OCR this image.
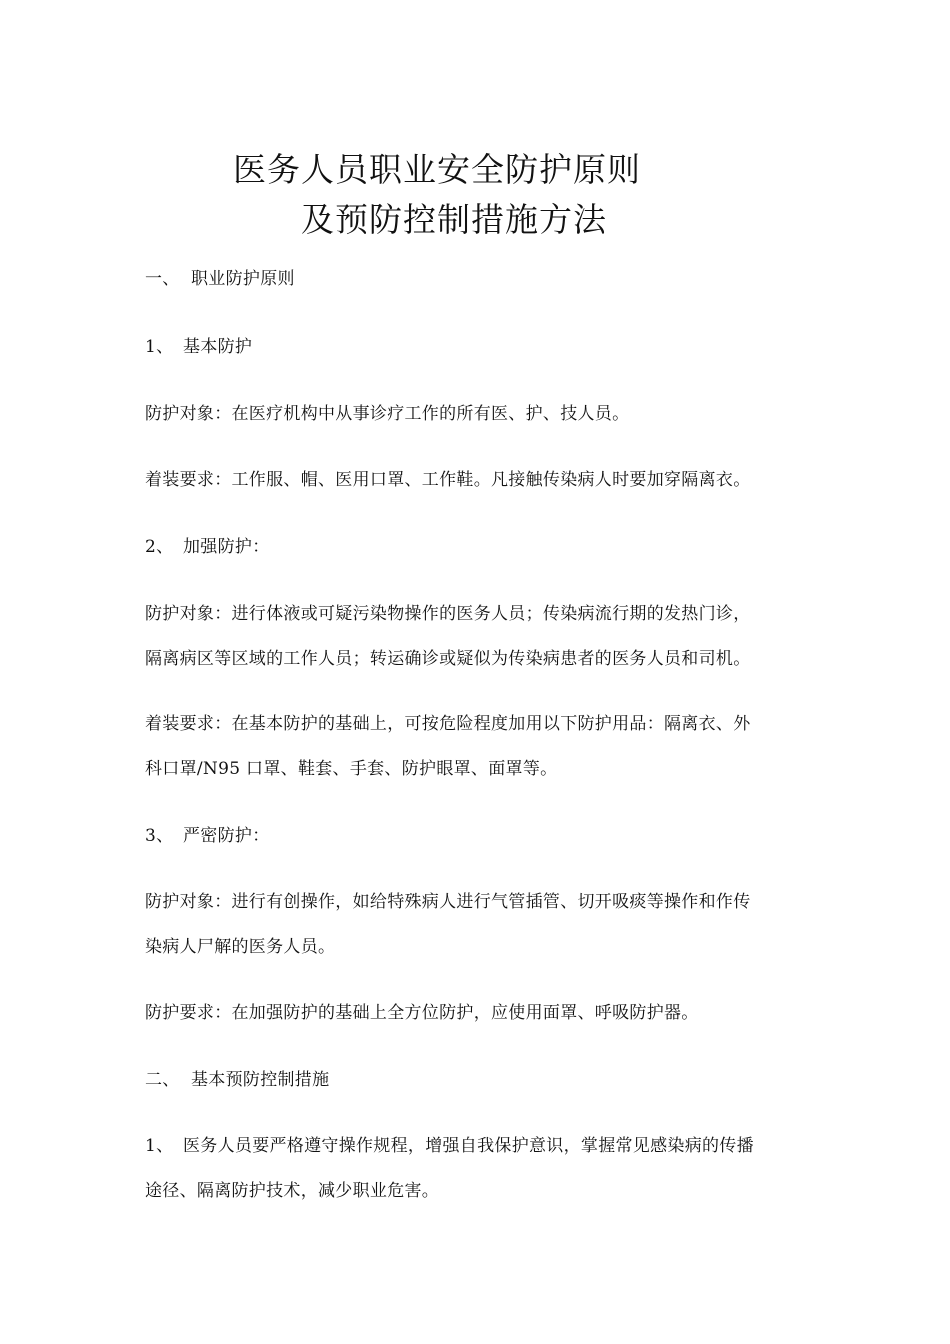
医务人员职业安全防护原则
及预防控制措施方法
一、 职业防护原则
1、 基本防护
防护对象：在医疗机构中从事诊疗工作的所有医、护、技人员。
着装要求：工作服、帽、医用口罩、工作鞋。凡接触传染病人时要加穿隔离衣。
2、 加强防护：
防护对象：进行体液或可疑污染物操作的医务人员；传染病流行期的发热门诊，
隔离病区等区域的工作人员；转运确诊或疑似为传染病患者的医务人员和司机。
着装要求：在基本防护的基础上，可按危险程度加用以下防护用品：隔离衣、外
科口罩/N95 口罩、鞋套、手套、防护眼罩、面罩等。
3、 严密防护：
防护对象：进行有创操作，如给特殊病人进行气管插管、切开吸痰等操作和作传
染病人尸解的医务人员。
防护要求：在加强防护的基础上全方位防护，应使用面罩、呼吸防护器。
二、 基本预防控制措施
1、 医务人员要严格遵守操作规程，增强自我保护意识，掌握常见感染病的传播
途径、隔离防护技术，减少职业危害。
